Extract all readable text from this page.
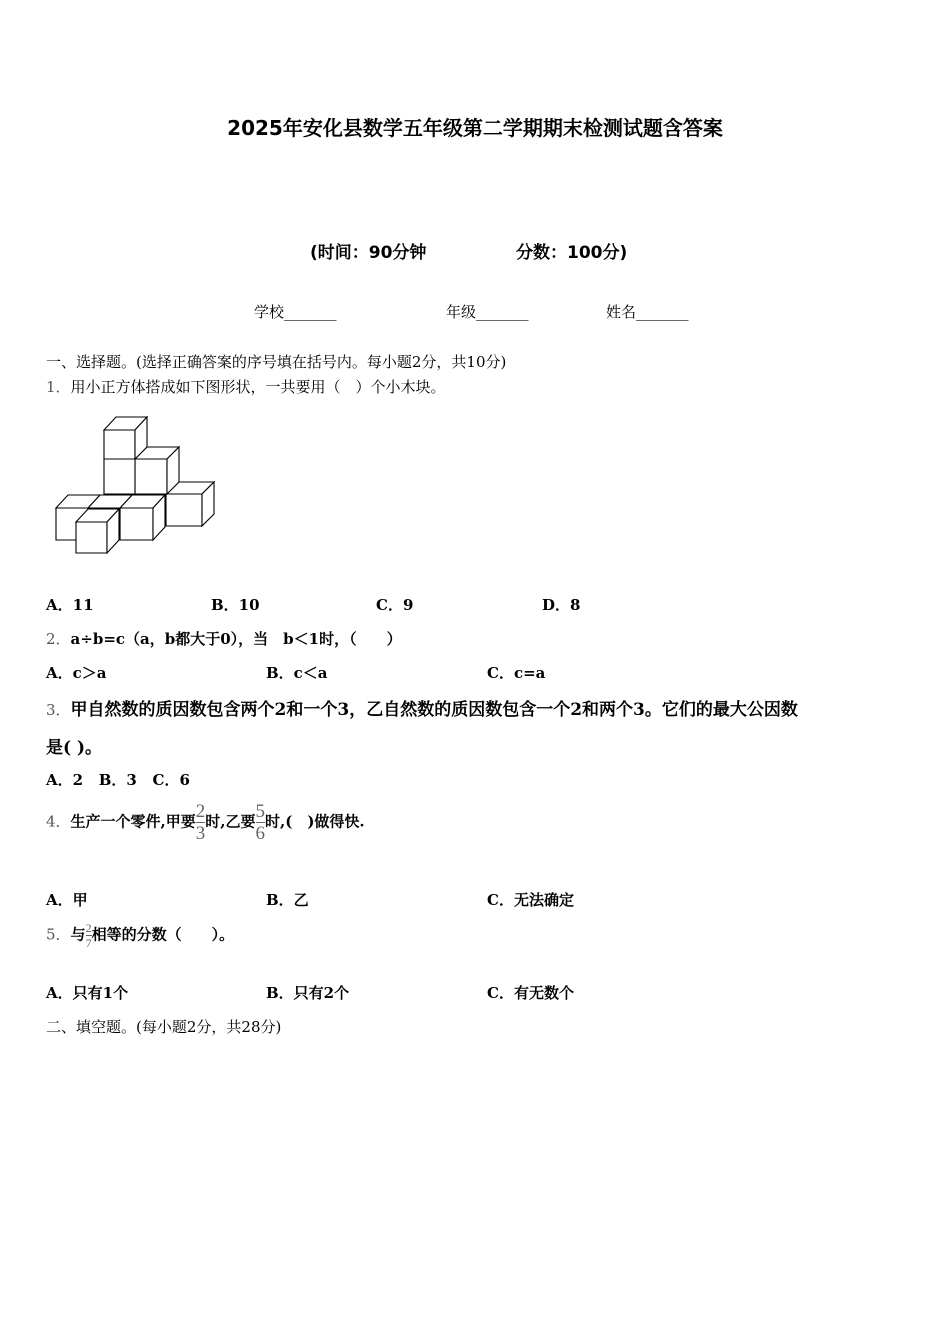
2025年安化县数学五年级第二学期期末检测试题含答案
(时间：90分钟	分数：100分)
学校_______	年级_______	姓名_______
一、选择题。(选择正确答案的序号填在括号内。每小题2分，共10分)
1．用小正方体搭成如下图形状，一共要用（　）个小木块。
A．11	B．10	C．9	D．8
2．a÷b=c（a，b都大于0），当　b＜1时，（　　）
A．c＞a	B．c＜a	C．c=a
3．甲自然数的质因数包含两个2和一个3，乙自然数的质因数包含一个2和两个3。它们的最大公因数
是( )。
A．2 B．3 C．6
4．生产一个零件,甲要 $\frac{2}{3}$ 时,乙要 $\frac{5}{6}$ 时,(　)做得快.
A．甲	B．乙	C．无法确定
5．与 $\frac{2}{7}$ 相等的分数（　　）。
A．只有1个	B．只有2个	C．有无数个
二、填空题。(每小题2分，共28分)
